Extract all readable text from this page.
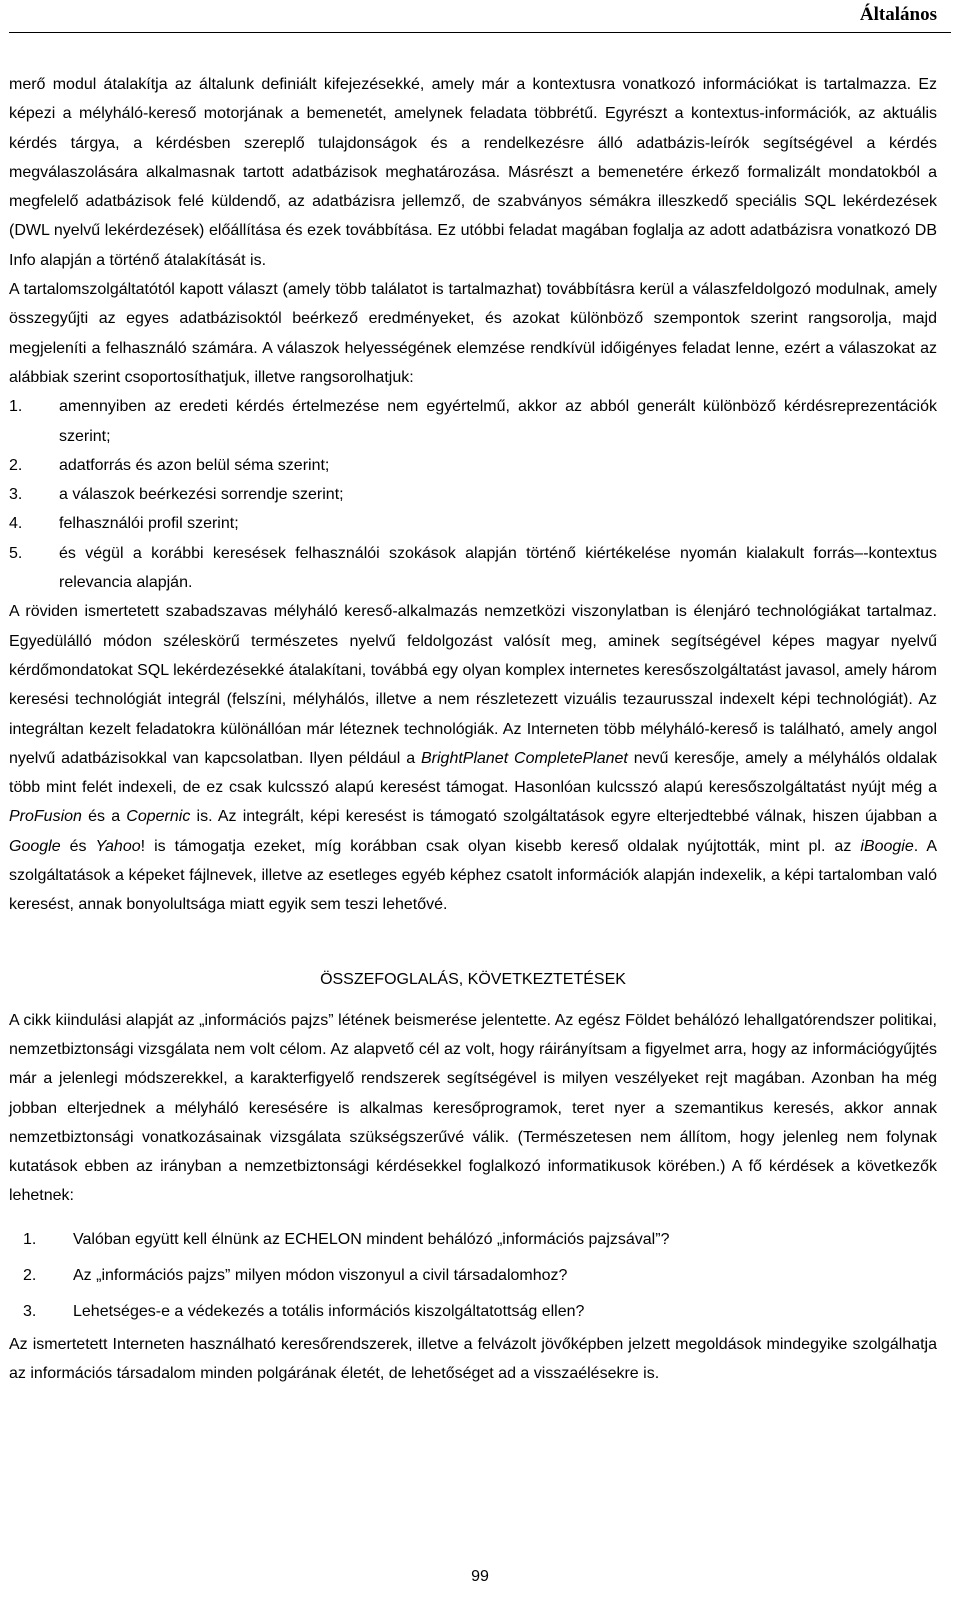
Általános

merő modul átalakítja az általunk definiált kifejezésekké, amely már a kontextusra vonatkozó információkat is tartalmazza. Ez képezi a mélyháló-kereső motorjának a bemenetét, amelynek feladata többrétű. Egyrészt a kontextus-információk, az aktuális kérdés tárgya, a kérdésben szereplő tulajdonságok és a rendelkezésre álló adatbázis-leírók segítségével a kérdés megválaszolására alkalmasnak tartott adatbázisok meghatározása. Másrészt a bemenetére érkező formalizált mondatokból a megfelelő adatbázisok felé küldendő, az adatbázisra jellemző, de szabványos sémákra illeszkedő speciális SQL lekérdezések (DWL nyelvű lekérdezések) előállítása és ezek továbbítása. Ez utóbbi feladat magában foglalja az adott adatbázisra vonatkozó DB Info alapján a történő átalakítását is.

A tartalomszolgáltatótól kapott választ (amely több találatot is tartalmazhat) továbbításra kerül a válaszfeldolgozó modulnak, amely összegyűjti az egyes adatbázisoktól beérkező eredményeket, és azokat különböző szempontok szerint rangsorolja, majd megjeleníti a felhasználó számára. A válaszok helyességének elemzése rendkívül időigényes feladat lenne, ezért a válaszokat az alábbiak szerint csoportosíthatjuk, illetve rangsorolhatjuk:

1.	amennyiben az eredeti kérdés értelmezése nem egyértelmű, akkor az abból generált különböző kérdésreprezentációk szerint;
2.	adatforrás és azon belül séma szerint;
3.	a válaszok beérkezési sorrendje szerint;
4.	felhasználói profil szerint;
5.	és végül a korábbi keresések felhasználói szokások alapján történő kiértékelése nyomán kialakult forrás–-kontextus relevancia alapján.

A röviden ismertetett szabadszavas mélyháló kereső-alkalmazás nemzetközi viszonylatban is élenjáró technológiákat tartalmaz. Egyedülálló módon széleskörű természetes nyelvű feldolgozást valósít meg, aminek segítségével képes magyar nyelvű kérdőmondatokat SQL lekérdezésekké átalakítani, továbbá egy olyan komplex internetes keresőszolgáltatást javasol, amely három keresési technológiát integrál (felszíni, mélyhálós, illetve a nem részletezett vizuális tezaurusszal indexelt képi technológiát). Az integráltan kezelt feladatokra különállóan már léteznek technológiák. Az Interneten több mélyháló-kereső is található, amely angol nyelvű adatbázisokkal van kapcsolatban. Ilyen például a BrightPlanet CompletePlanet nevű keresője, amely a mélyhálós oldalak több mint felét indexeli, de ez csak kulcsszó alapú keresést támogat. Hasonlóan kulcsszó alapú keresőszolgáltatást nyújt még a ProFusion és a Copernic is. Az integrált, képi keresést is támogató szolgáltatások egyre elterjedtebbé válnak, hiszen újabban a Google és Yahoo! is támogatja ezeket, míg korábban csak olyan kisebb kereső oldalak nyújtották, mint pl. az iBoogie. A szolgáltatások a képeket fájlnevek, illetve az esetleges egyéb képhez csatolt információk alapján indexelik, a képi tartalomban való keresést, annak bonyolultsága miatt egyik sem teszi lehetővé.

ÖSSZEFOGLALÁS, KÖVETKEZTETÉSEK

A cikk kiindulási alapját az „információs pajzs” létének beismerése jelentette. Az egész Földet behálózó lehallgatórendszer politikai, nemzetbiztonsági vizsgálata nem volt célom. Az alapvető cél az volt, hogy ráirányítsam a figyelmet arra, hogy az információgyűjtés már a jelenlegi módszerekkel, a karakterfigyelő rendszerek segítségével is milyen veszélyeket rejt magában. Azonban ha még jobban elterjednek a mélyháló keresésére is alkalmas keresőprogramok, teret nyer a szemantikus keresés, akkor annak nemzetbiztonsági vonatkozásainak vizsgálata szükségszerűvé válik. (Természetesen nem állítom, hogy jelenleg nem folynak kutatások ebben az irányban a nemzetbiztonsági kérdésekkel foglalkozó informatikusok körében.) A fő kérdések a következők lehetnek:

1.	Valóban együtt kell élnünk az ECHELON mindent behálózó „információs pajzsával”?
2.	Az „információs pajzs” milyen módon viszonyul a civil társadalomhoz?
3.	Lehetséges-e a védekezés a totális információs kiszolgáltatottság ellen?

Az ismertetett Interneten használható keresőrendszerek, illetve a felvázolt jövőképben jelzett megoldások mindegyike szolgálhatja az információs társadalom minden polgárának életét, de lehetőséget ad a visszaélésekre is.

99
